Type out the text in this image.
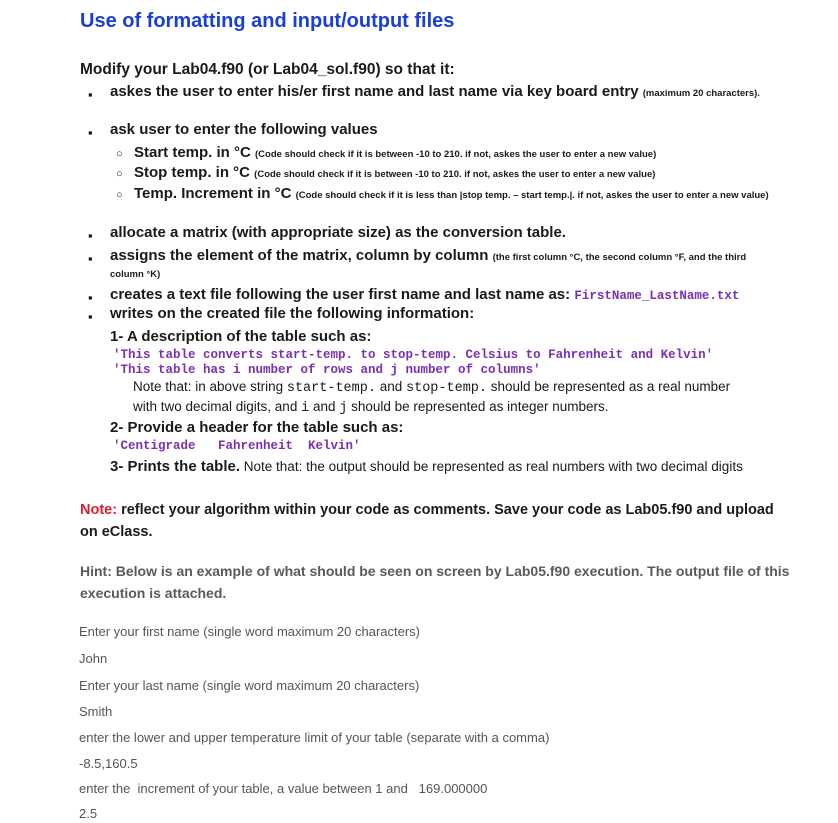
Use of formatting and input/output files

Modify your Lab04.f90 (or Lab04_sol.f90) so that it:

▪ askes the user to enter his/er first name and last name via key board entry (maximum 20 characters).
▪ ask user to enter the following values
○ Start temp. in °C (Code should check if it is between -10 to 210. if not, askes the user to enter a new value)
○ Stop temp. in °C (Code should check if it is between -10 to 210. if not, askes the user to enter a new value)
○ Temp. Increment in °C (Code should check if it is less than |stop temp. – start temp.|. if not, askes the user to enter a new value)
▪ allocate a matrix (with appropriate size) as the conversion table.
▪ assigns the element of the matrix, column by column (the first column °C, the second column °F, and the third column °K)
▪ creates a text file following the user first name and last name as: FirstName_LastName.txt
▪ writes on the created file the following information:
1- A description of the table such as:
'This table converts start-temp. to stop-temp. Celsius to Fahrenheit and Kelvin'
'This table has i number of rows and j number of columns'
Note that: in above string start-temp. and stop-temp. should be represented as a real number
with two decimal digits, and i and j should be represented as integer numbers.
2- Provide a header for the table such as:
'Centigrade   Fahrenheit  Kelvin'
3- Prints the table. Note that: the output should be represented as real numbers with two decimal digits

Note: reflect your algorithm within your code as comments. Save your code as Lab05.f90 and upload on eClass.

Hint: Below is an example of what should be seen on screen by Lab05.f90 execution. The output file of this execution is attached.

Enter your first name (single word maximum 20 characters)
John
Enter your last name (single word maximum 20 characters)
Smith
enter the lower and upper temperature limit of your table (separate with a comma)
-8.5,160.5
enter the  increment of your table, a value between 1 and   169.000000
2.5
